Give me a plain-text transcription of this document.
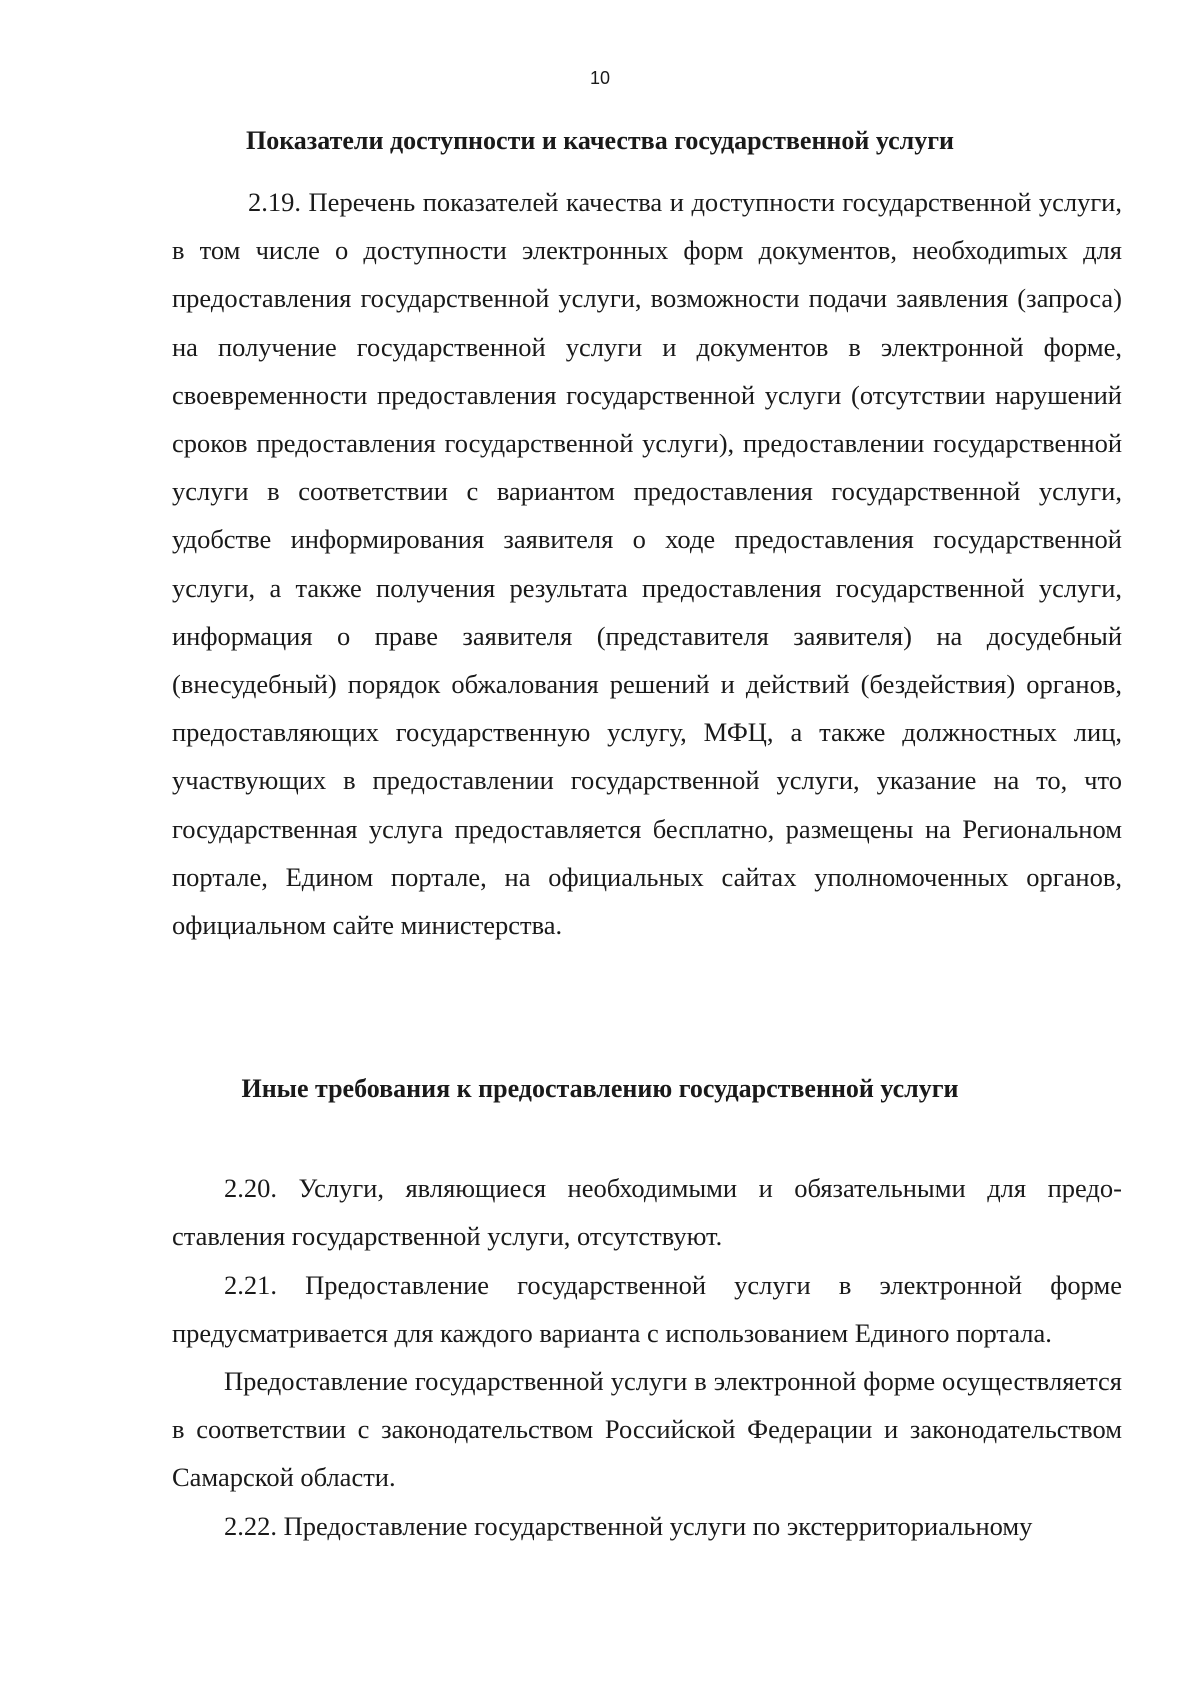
10
Показатели доступности и качества государственной услуги

2.19. Перечень показателей качества и доступности государственной услуги, в том числе о доступности электронных форм документов, необходиmых для предоставления государственной услуги, возможности подачи заявления (запроса) на получение государственной услуги и документов в электронной форме, своевременности предоставления государственной услуги (отсутствии нарушений сроков предоставления государственной услуги), предоставлении государственной услуги в соответствии с вариантом предоставления государственной услуги, удобстве информирования заявителя о ходе предоставления государственной услуги, а также получения результата предоставления государственной услуги, информация о праве заявителя (представителя заявителя) на досудебный (внесудебный) порядок обжалования решений и действий (бездействия) органов, предоставляющих государственную услугу, МФЦ, а также должностных лиц, участвующих в предоставлении государственной услуги, указание на то, что государственная услуга предоставляется бесплатно, размещены на Региональном портале, Едином портале, на официальных сайтах уполномоченных органов, официальном сайте министерства.

Иные требования к предоставлению государственной услуги

2.20. Услуги, являющиеся необходимыми и обязательными для предоставления государственной услуги, отсутствуют.

2.21. Предоставление государственной услуги в электронной форме предусматривается для каждого варианта с использованием Единого портала.

Предоставление государственной услуги в электронной форме осуществляется в соответствии с законодательством Российской Федерации и законодательством Самарской области.

2.22. Предоставление государственной услуги по экстерриториальному
